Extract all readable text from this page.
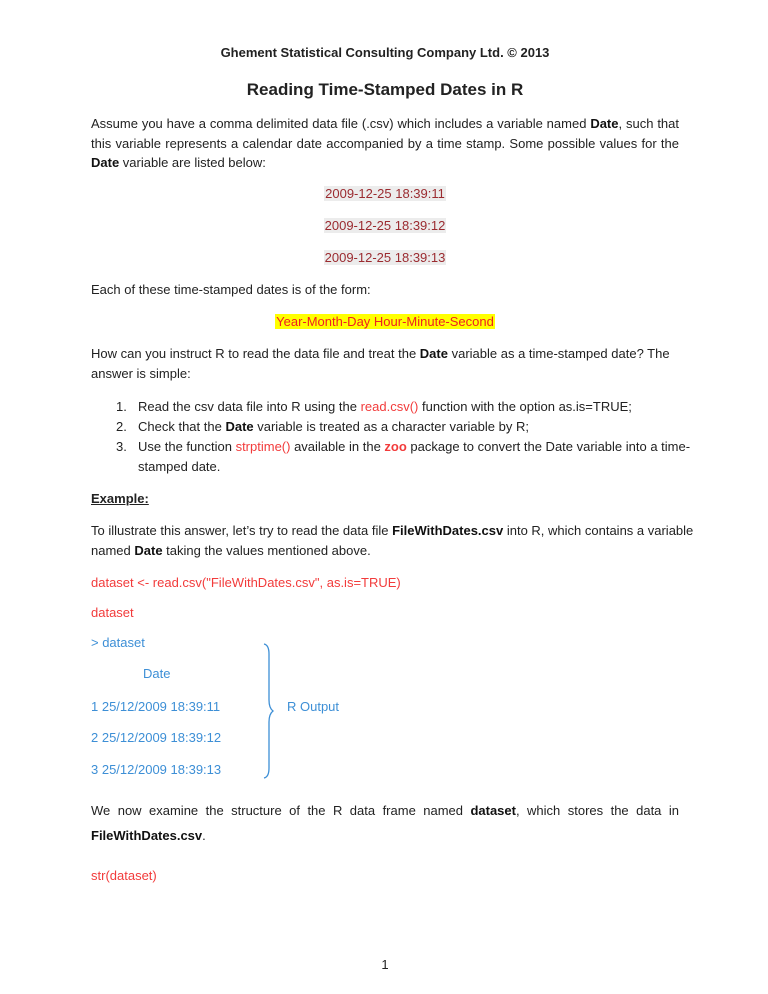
Ghement Statistical Consulting Company Ltd. © 2013
Reading Time-Stamped Dates in R
Assume you have a comma delimited data file (.csv) which includes a variable named Date, such that
this variable represents a calendar date accompanied by a time stamp. Some possible values for the
Date variable are listed below:
2009-12-25 18:39:11
2009-12-25 18:39:12
2009-12-25 18:39:13
Each of these time-stamped dates is of the form:
Year-Month-Day Hour-Minute-Second
How can you instruct R to read the data file and treat the Date variable as a time-stamped date? The
answer is simple:
1. Read the csv data file into R using the read.csv() function with the option as.is=TRUE;
2. Check that the Date variable is treated as a character variable by R;
3. Use the function strptime() available in the zoo package to convert the Date variable into a time-
stamped date.
Example:
To illustrate this answer, let’s try to read the data file FileWithDates.csv into R, which contains a variable
named Date taking the values mentioned above.
dataset <- read.csv("FileWithDates.csv", as.is=TRUE)
dataset
> dataset
Date
1 25/12/2009 18:39:11
2 25/12/2009 18:39:12
3 25/12/2009 18:39:13
R Output
We now examine the structure of the R data frame named dataset, which stores the data in
FileWithDates.csv.
str(dataset)
1
